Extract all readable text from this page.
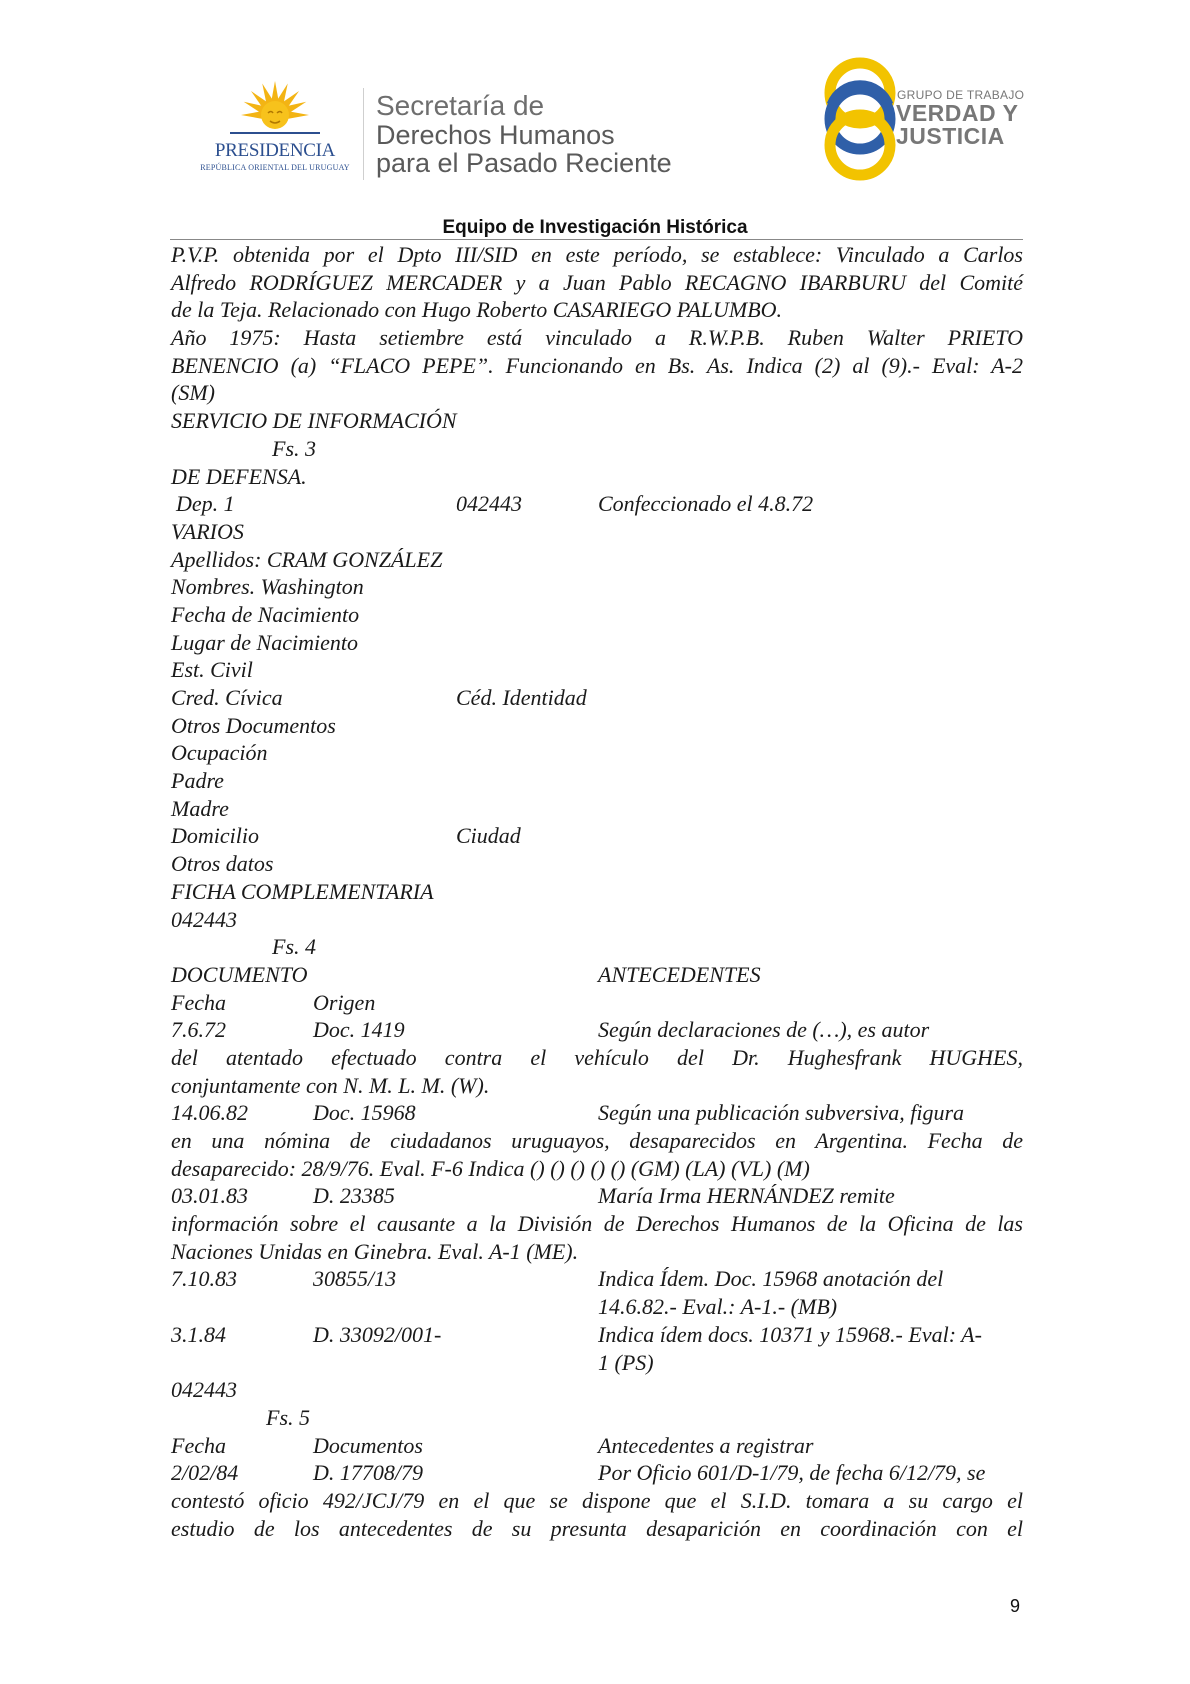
PRESIDENCIA
REPÚBLICA ORIENTAL DEL URUGUAY
Secretaría de
Derechos Humanos
para el Pasado Reciente
GRUPO DE TRABAJO
VERDAD Y
JUSTICIA
Equipo de Investigación Histórica
P.V.P. obtenida por el Dpto III/SID en este período, se establece: Vinculado a Carlos
Alfredo RODRÍGUEZ MERCADER y a Juan Pablo RECAGNO IBARBURU del Comité
de la Teja. Relacionado con Hugo Roberto CASARIEGO PALUMBO.
Año 1975: Hasta setiembre está vinculado a R.W.P.B. Ruben Walter PRIETO
BENENCIO (a) “FLACO PEPE”. Funcionando en Bs. As. Indica (2) al (9).- Eval: A-2
(SM)
SERVICIO DE INFORMACIÓN
Fs. 3
DE DEFENSA.
Dep. 1	042443	Confeccionado el 4.8.72
VARIOS
Apellidos: CRAM GONZÁLEZ
Nombres. Washington
Fecha de Nacimiento
Lugar de Nacimiento
Est. Civil
Cred. Cívica	Céd. Identidad
Otros Documentos
Ocupación
Padre
Madre
Domicilio	Ciudad
Otros datos
FICHA COMPLEMENTARIA
042443
Fs. 4
DOCUMENTO	ANTECEDENTES
Fecha	Origen
7.6.72	Doc. 1419	Según declaraciones de (…), es autor
del atentado efectuado contra el vehículo del Dr. Hughesfrank HUGHES,
conjuntamente con N. M. L. M. (W).
14.06.82	Doc. 15968	Según una publicación subversiva, figura
en una nómina de ciudadanos uruguayos, desaparecidos en Argentina. Fecha de
desaparecido: 28/9/76. Eval. F-6 Indica () () () () () (GM) (LA) (VL) (M)
03.01.83	D. 23385	María Irma HERNÁNDEZ remite
información sobre el causante a la División de Derechos Humanos de la Oficina de las
Naciones Unidas en Ginebra. Eval. A-1 (ME).
7.10.83	30855/13	Indica Ídem. Doc. 15968 anotación del
14.6.82.- Eval.: A-1.- (MB)
3.1.84	D. 33092/001-	Indica ídem docs. 10371 y 15968.- Eval: A-
1 (PS)
042443
Fs. 5
Fecha	Documentos	Antecedentes a registrar
2/02/84	D. 17708/79	Por Oficio 601/D-1/79, de fecha 6/12/79, se
contestó oficio 492/JCJ/79 en el que se dispone que el S.I.D. tomara a su cargo el
estudio de los antecedentes de su presunta desaparición en coordinación con el
9
